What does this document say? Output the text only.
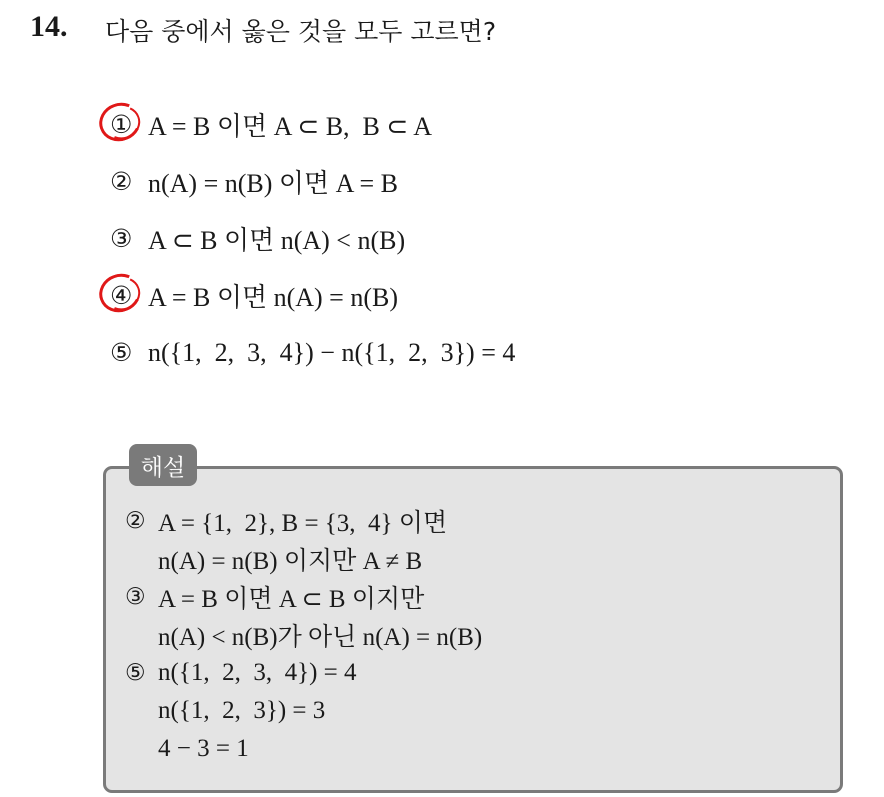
14. 다음 중에서 옳은 것을 모두 고르면?
① A = B 이면 A ⊂ B,  B ⊂ A
② n(A) = n(B) 이면 A = B
③ A ⊂ B 이면 n(A) < n(B)
④ A = B 이면 n(A) = n(B)
⑤ n({1,  2,  3,  4}) − n({1,  2,  3}) = 4
해설
② A = {1,  2}, B = {3,  4} 이면
n(A) = n(B) 이지만 A ≠ B
③ A = B 이면 A ⊂ B 이지만
n(A) < n(B)가 아닌 n(A) = n(B)
⑤ n({1,  2,  3,  4}) = 4
n({1,  2,  3}) = 3
4 − 3 = 1
